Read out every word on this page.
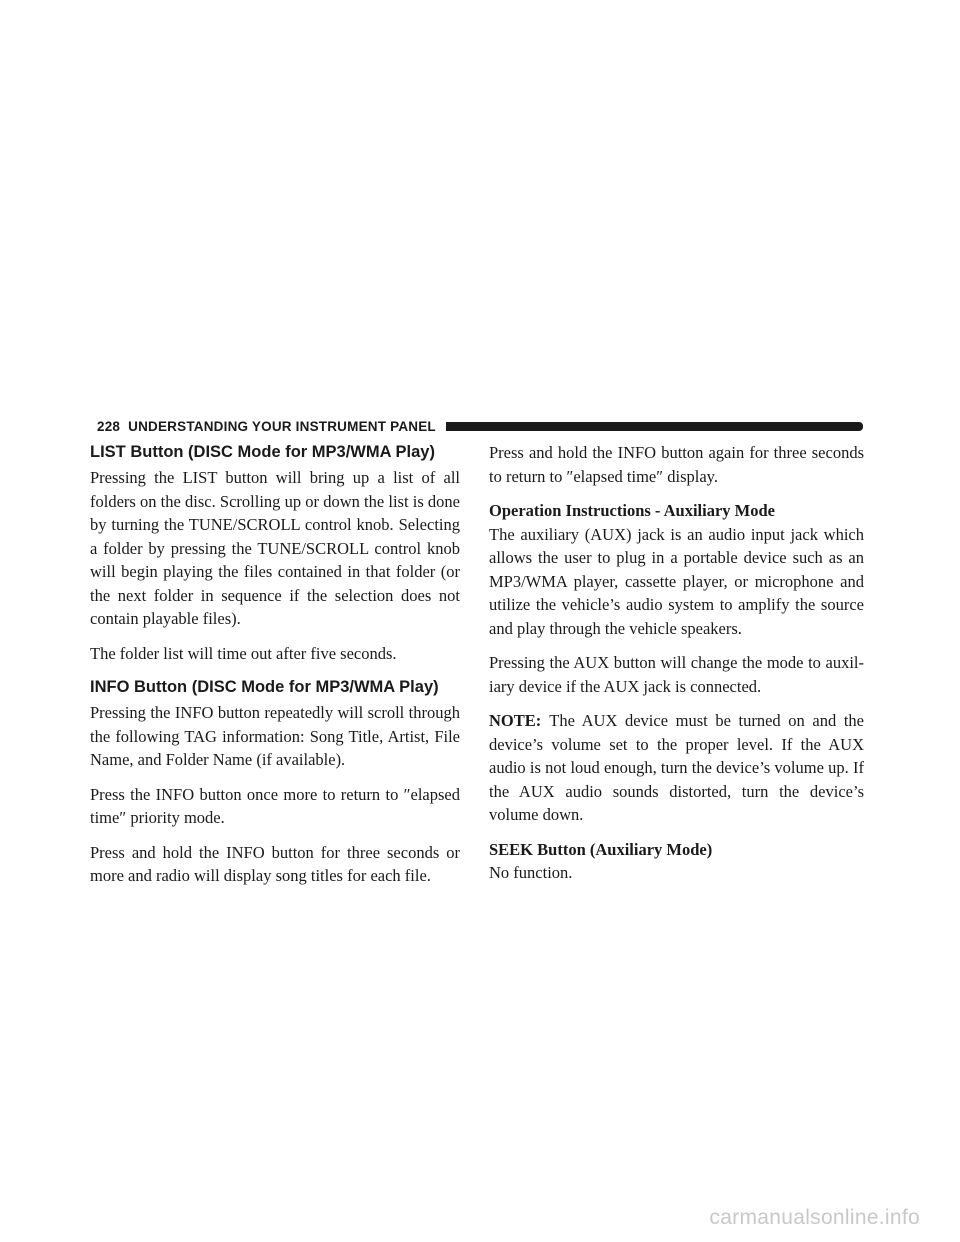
228 UNDERSTANDING YOUR INSTRUMENT PANEL
LIST Button (DISC Mode for MP3/WMA Play)

Pressing the LIST button will bring up a list of all folders on the disc. Scrolling up or down the list is done by turning the TUNE/SCROLL control knob. Selecting a folder by pressing the TUNE/SCROLL control knob will begin playing the files contained in that folder (or the next folder in sequence if the selection does not contain playable files).

The folder list will time out after five seconds.

INFO Button (DISC Mode for MP3/WMA Play)

Pressing the INFO button repeatedly will scroll through the following TAG information: Song Title, Artist, File Name, and Folder Name (if available).

Press the INFO button once more to return to ″elapsed time″ priority mode.

Press and hold the INFO button for three seconds or more and radio will display song titles for each file.

Press and hold the INFO button again for three seconds to return to ″elapsed time″ display.

Operation Instructions - Auxiliary Mode

The auxiliary (AUX) jack is an audio input jack which allows the user to plug in a portable device such as an MP3/WMA player, cassette player, or microphone and utilize the vehicle’s audio system to amplify the source and play through the vehicle speakers.

Pressing the AUX button will change the mode to auxil-iary device if the AUX jack is connected.

NOTE: The AUX device must be turned on and the device’s volume set to the proper level. If the AUX audio is not loud enough, turn the device’s volume up. If the AUX audio sounds distorted, turn the device’s volume down.

SEEK Button (Auxiliary Mode)

No function.

carmanualsonline.info
